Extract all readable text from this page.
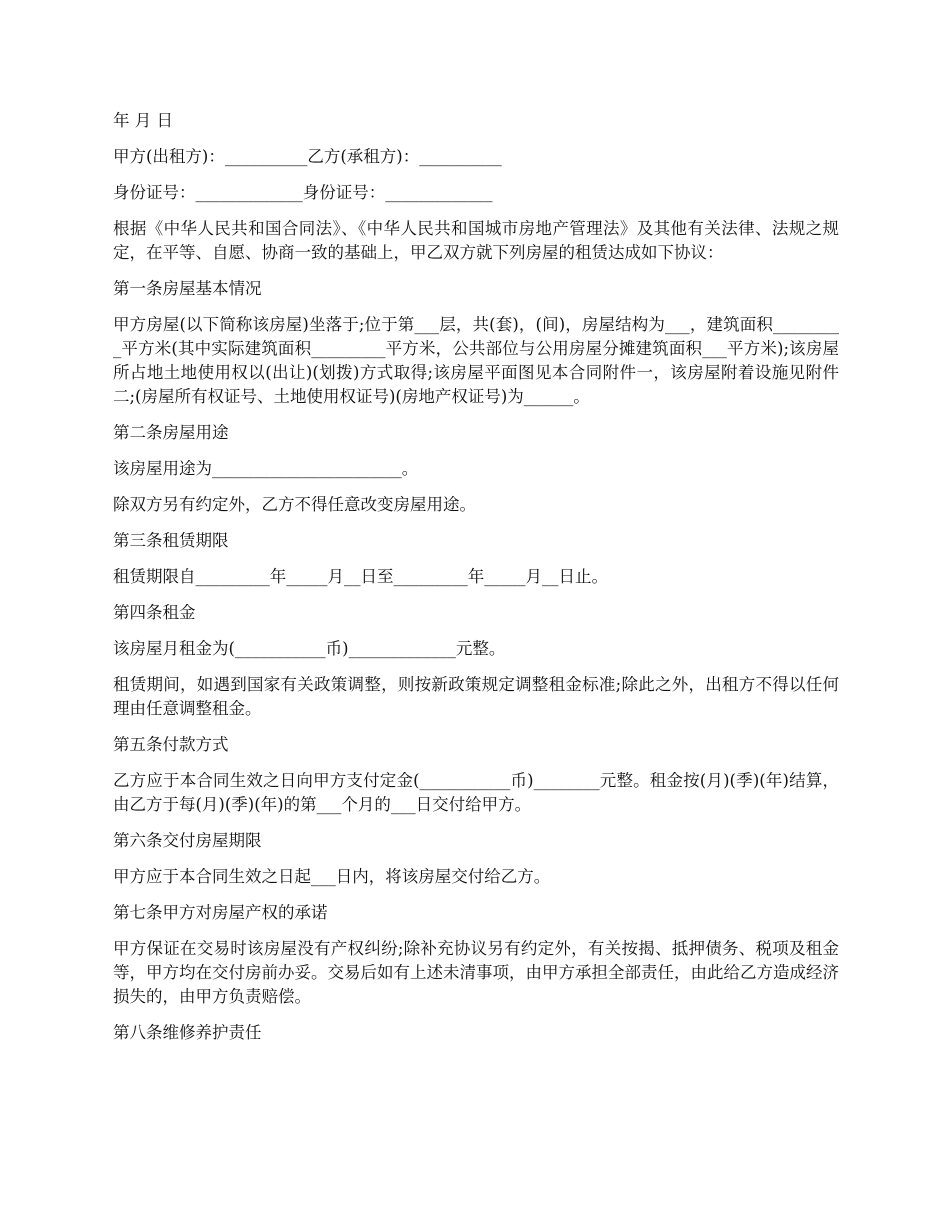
年 月 日

甲方(出租方)：__________乙方(承租方)：__________

身份证号：_____________身份证号：_____________

根据《中华人民共和国合同法》、《中华人民共和国城市房地产管理法》及其他有关法律、法规之规定，在平等、自愿、协商一致的基础上，甲乙双方就下列房屋的租赁达成如下协议：

第一条房屋基本情况

甲方房屋(以下简称该房屋)坐落于;位于第___层，共(套)，(间)，房屋结构为___，建筑面积_________平方米(其中实际建筑面积_________平方米，公共部位与公用房屋分摊建筑面积___平方米);该房屋所占地土地使用权以(出让)(划拨)方式取得;该房屋平面图见本合同附件一，该房屋附着设施见附件二;(房屋所有权证号、土地使用权证号)(房地产权证号)为______。

第二条房屋用途

该房屋用途为_______________________。

除双方另有约定外，乙方不得任意改变房屋用途。

第三条租赁期限

租赁期限自_________年_____月__日至_________年_____月__日止。

第四条租金

该房屋月租金为(___________币)_____________元整。

租赁期间，如遇到国家有关政策调整，则按新政策规定调整租金标准;除此之外，出租方不得以任何理由任意调整租金。

第五条付款方式

乙方应于本合同生效之日向甲方支付定金(___________币)________元整。租金按(月)(季)(年)结算，由乙方于每(月)(季)(年)的第___个月的___日交付给甲方。

第六条交付房屋期限

甲方应于本合同生效之日起___日内，将该房屋交付给乙方。

第七条甲方对房屋产权的承诺

甲方保证在交易时该房屋没有产权纠纷;除补充协议另有约定外，有关按揭、抵押债务、税项及租金等，甲方均在交付房前办妥。交易后如有上述未清事项，由甲方承担全部责任，由此给乙方造成经济损失的，由甲方负责赔偿。

第八条维修养护责任
